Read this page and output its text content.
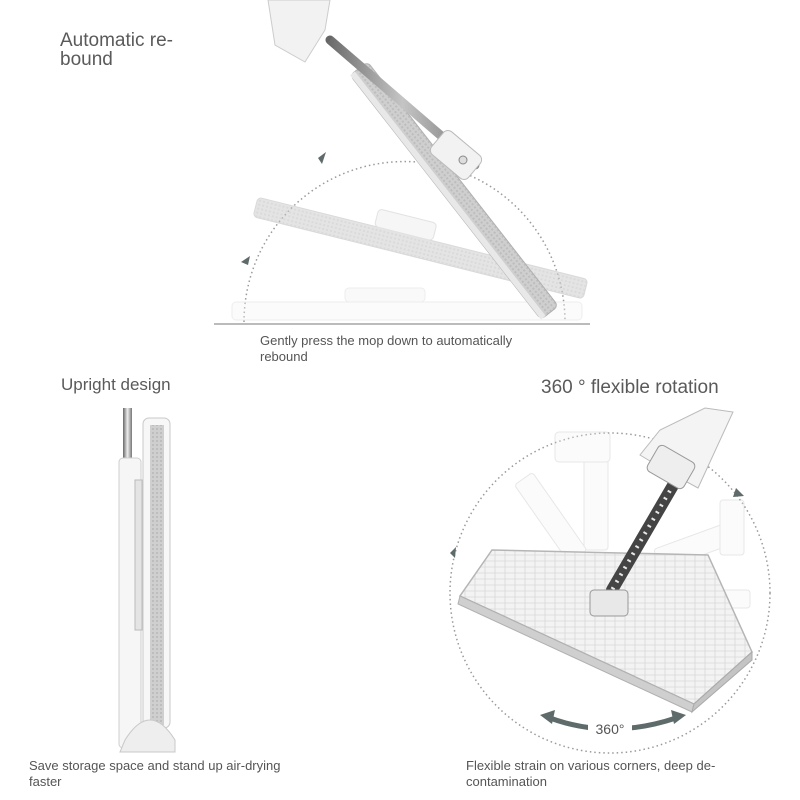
Automatic re-
bound
Gently press the mop down to automatically
rebound
Upright design
Save storage space and stand up air-drying
faster
360 ° flexible rotation
Flexible strain on various corners, deep de-
contamination
360°
